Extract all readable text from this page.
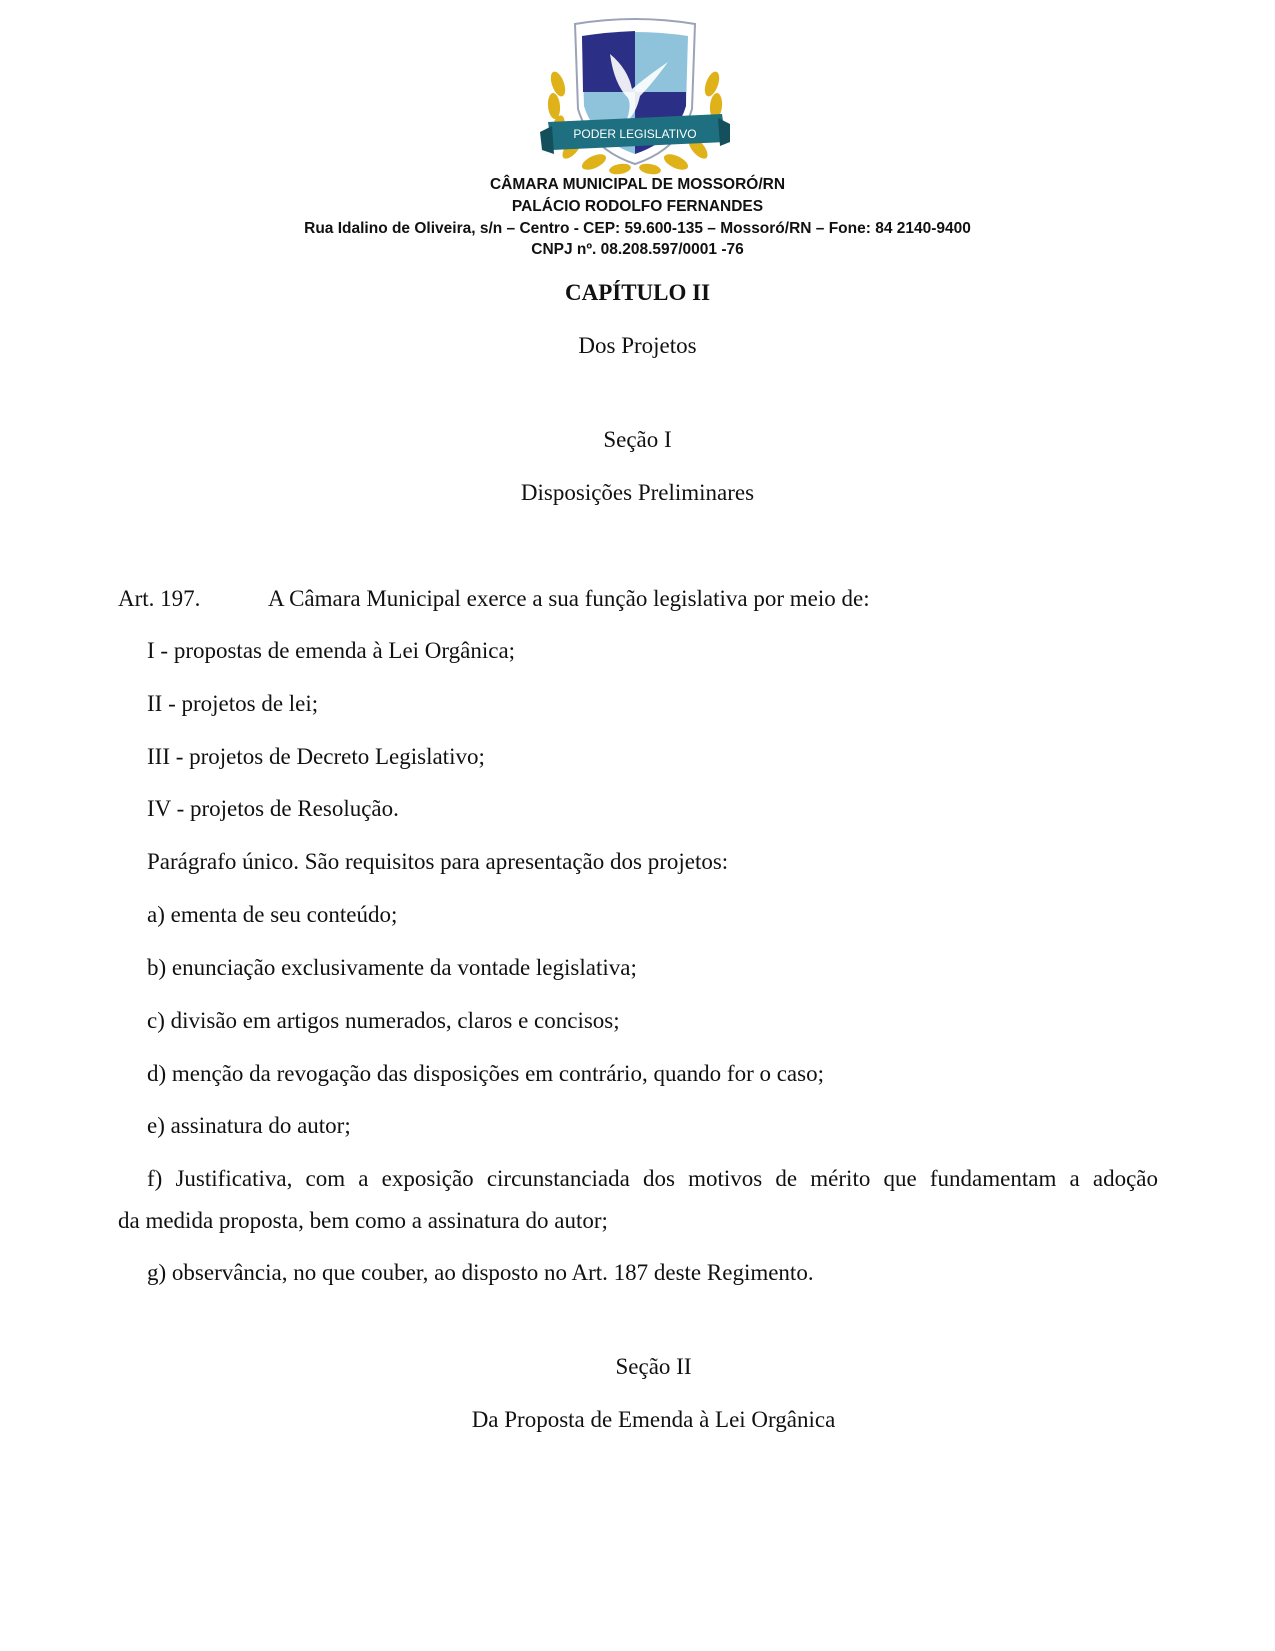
PODER LEGISLATIVO
1870
CÂMARA MUNICIPAL DE MOSSORÓ/RN
PALÁCIO RODOLFO FERNANDES
Rua Idalino de Oliveira, s/n – Centro - CEP: 59.600-135 – Mossoró/RN – Fone: 84 2140-9400
CNPJ nº. 08.208.597/0001 -76
CAPÍTULO II
Dos Projetos
Seção I
Disposições Preliminares
Art. 197.	A Câmara Municipal exerce a sua função legislativa por meio de:
I - propostas de emenda à Lei Orgânica;
II - projetos de lei;
III - projetos de Decreto Legislativo;
IV - projetos de Resolução.
Parágrafo único. São requisitos para apresentação dos projetos:
a) ementa de seu conteúdo;
b) enunciação exclusivamente da vontade legislativa;
c) divisão em artigos numerados, claros e concisos;
d) menção da revogação das disposições em contrário, quando for o caso;
e) assinatura do autor;
f) Justificativa, com a exposição circunstanciada dos motivos de mérito que fundamentam a adoção
da medida proposta, bem como a assinatura do autor;
g) observância, no que couber, ao disposto no Art. 187 deste Regimento.
Seção II
Da Proposta de Emenda à Lei Orgânica
